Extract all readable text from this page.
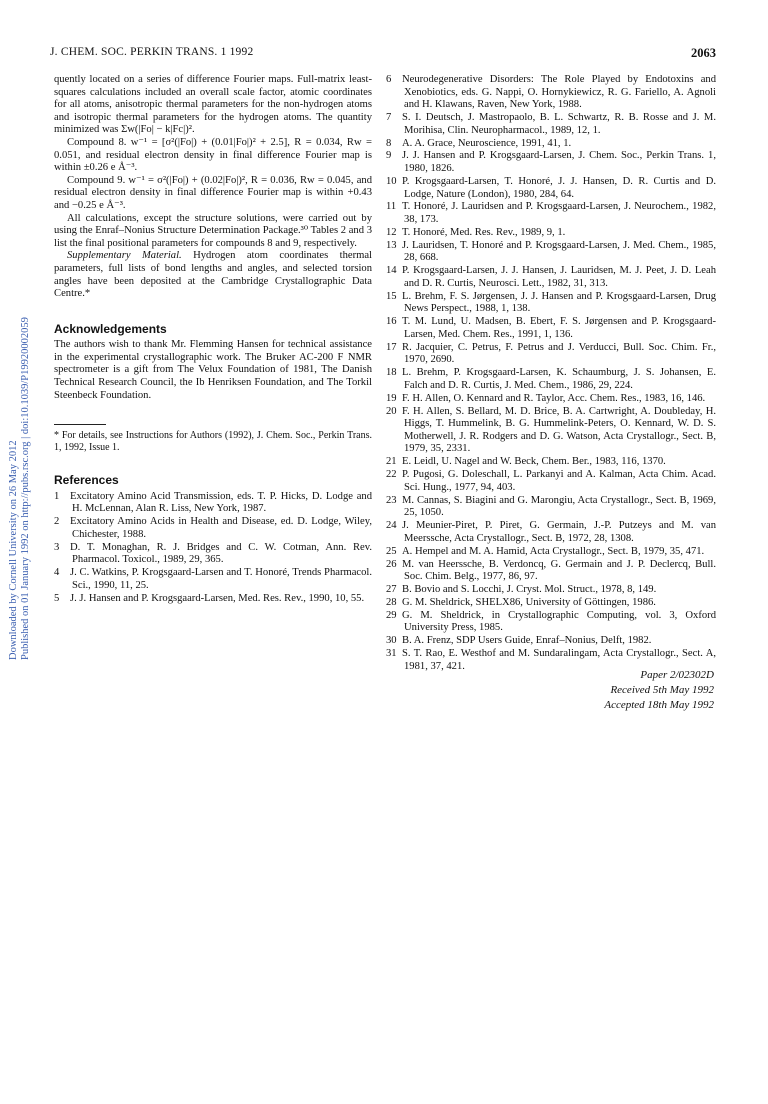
J. CHEM. SOC. PERKIN TRANS. 1 1992	2063
Downloaded by Cornell University on 26 May 2012 Published on 01 January 1992 on http://pubs.rsc.org | doi:10.1039/P19920002059

quently located on a series of difference Fourier maps. Full-matrix least-squares calculations included an overall scale factor, atomic coordinates for all atoms, anisotropic thermal parameters for the non-hydrogen atoms and isotropic thermal parameters for the hydrogen atoms. The quantity minimized was Σw(|Fo| − k|Fc|)².

Compound 8. w⁻¹ = [σ²(|Fo|) + (0.01|Fo|)² + 2.5], R = 0.034, Rw = 0.051, and residual electron density in final difference Fourier map is within ±0.26 e Å⁻³.

Compound 9. w⁻¹ = σ²(|Fo|) + (0.02|Fo|)², R = 0.036, Rw = 0.045, and residual electron density in final difference Fourier map is within +0.43 and −0.25 e Å⁻³.

All calculations, except the structure solutions, were carried out by using the Enraf–Nonius Structure Determination Package.³⁰ Tables 2 and 3 list the final positional parameters for compounds 8 and 9, respectively.

Supplementary Material. Hydrogen atom coordinates thermal parameters, full lists of bond lengths and angles, and selected torsion angles have been deposited at the Cambridge Crystallographic Data Centre.*

Acknowledgements

The authors wish to thank Mr. Flemming Hansen for technical assistance in the experimental crystallographic work. The Bruker AC-200 F NMR spectrometer is a gift from The Velux Foundation of 1981, The Danish Technical Research Council, the Ib Henriksen Foundation, and The Torkil Steenbeck Foundation.

* For details, see Instructions for Authors (1992), J. Chem. Soc., Perkin Trans. 1, 1992, Issue 1.

References

1 Excitatory Amino Acid Transmission, eds. T. P. Hicks, D. Lodge and H. McLennan, Alan R. Liss, New York, 1987.

2 Excitatory Amino Acids in Health and Disease, ed. D. Lodge, Wiley, Chichester, 1988.

3 D. T. Monaghan, R. J. Bridges and C. W. Cotman, Ann. Rev. Pharmacol. Toxicol., 1989, 29, 365.

4 J. C. Watkins, P. Krogsgaard-Larsen and T. Honoré, Trends Pharmacol. Sci., 1990, 11, 25.

5 J. J. Hansen and P. Krogsgaard-Larsen, Med. Res. Rev., 1990, 10, 55.

6 Neurodegenerative Disorders: The Role Played by Endotoxins and Xenobiotics, eds. G. Nappi, O. Hornykiewicz, R. G. Fariello, A. Agnoli and H. Klawans, Raven, New York, 1988.

7 S. I. Deutsch, J. Mastropaolo, B. L. Schwartz, R. B. Rosse and J. M. Morihisa, Clin. Neuropharmacol., 1989, 12, 1.

8 A. A. Grace, Neuroscience, 1991, 41, 1.

9 J. J. Hansen and P. Krogsgaard-Larsen, J. Chem. Soc., Perkin Trans. 1, 1980, 1826.

10 P. Krogsgaard-Larsen, T. Honoré, J. J. Hansen, D. R. Curtis and D. Lodge, Nature (London), 1980, 284, 64.

11 T. Honoré, J. Lauridsen and P. Krogsgaard-Larsen, J. Neurochem., 1982, 38, 173.

12 T. Honoré, Med. Res. Rev., 1989, 9, 1.

13 J. Lauridsen, T. Honoré and P. Krogsgaard-Larsen, J. Med. Chem., 1985, 28, 668.

14 P. Krogsgaard-Larsen, J. J. Hansen, J. Lauridsen, M. J. Peet, J. D. Leah and D. R. Curtis, Neurosci. Lett., 1982, 31, 313.

15 L. Brehm, F. S. Jørgensen, J. J. Hansen and P. Krogsgaard-Larsen, Drug News Perspect., 1988, 1, 138.

16 T. M. Lund, U. Madsen, B. Ebert, F. S. Jørgensen and P. Krogsgaard-Larsen, Med. Chem. Res., 1991, 1, 136.

17 R. Jacquier, C. Petrus, F. Petrus and J. Verducci, Bull. Soc. Chim. Fr., 1970, 2690.

18 L. Brehm, P. Krogsgaard-Larsen, K. Schaumburg, J. S. Johansen, E. Falch and D. R. Curtis, J. Med. Chem., 1986, 29, 224.

19 F. H. Allen, O. Kennard and R. Taylor, Acc. Chem. Res., 1983, 16, 146.

20 F. H. Allen, S. Bellard, M. D. Brice, B. A. Cartwright, A. Doubleday, H. Higgs, T. Hummelink, B. G. Hummelink-Peters, O. Kennard, W. D. S. Motherwell, J. R. Rodgers and D. G. Watson, Acta Crystallogr., Sect. B, 1979, 35, 2331.

21 E. Leidl, U. Nagel and W. Beck, Chem. Ber., 1983, 116, 1370.

22 P. Pugosi, G. Doleschall, L. Parkanyi and A. Kalman, Acta Chim. Acad. Sci. Hung., 1977, 94, 403.

23 M. Cannas, S. Biagini and G. Marongiu, Acta Crystallogr., Sect. B, 1969, 25, 1050.

24 J. Meunier-Piret, P. Piret, G. Germain, J.-P. Putzeys and M. van Meerssche, Acta Crystallogr., Sect. B, 1972, 28, 1308.

25 A. Hempel and M. A. Hamid, Acta Crystallogr., Sect. B, 1979, 35, 471.

26 M. van Heerssche, B. Verdoncq, G. Germain and J. P. Declercq, Bull. Soc. Chim. Belg., 1977, 86, 97.

27 B. Bovio and S. Locchi, J. Cryst. Mol. Struct., 1978, 8, 149.

28 G. M. Sheldrick, SHELX86, University of Göttingen, 1986.

29 G. M. Sheldrick, in Crystallographic Computing, vol. 3, Oxford University Press, 1985.

30 B. A. Frenz, SDP Users Guide, Enraf–Nonius, Delft, 1982.

31 S. T. Rao, E. Westhof and M. Sundaralingam, Acta Crystallogr., Sect. A, 1981, 37, 421.

Paper 2/02302D
Received 5th May 1992
Accepted 18th May 1992
